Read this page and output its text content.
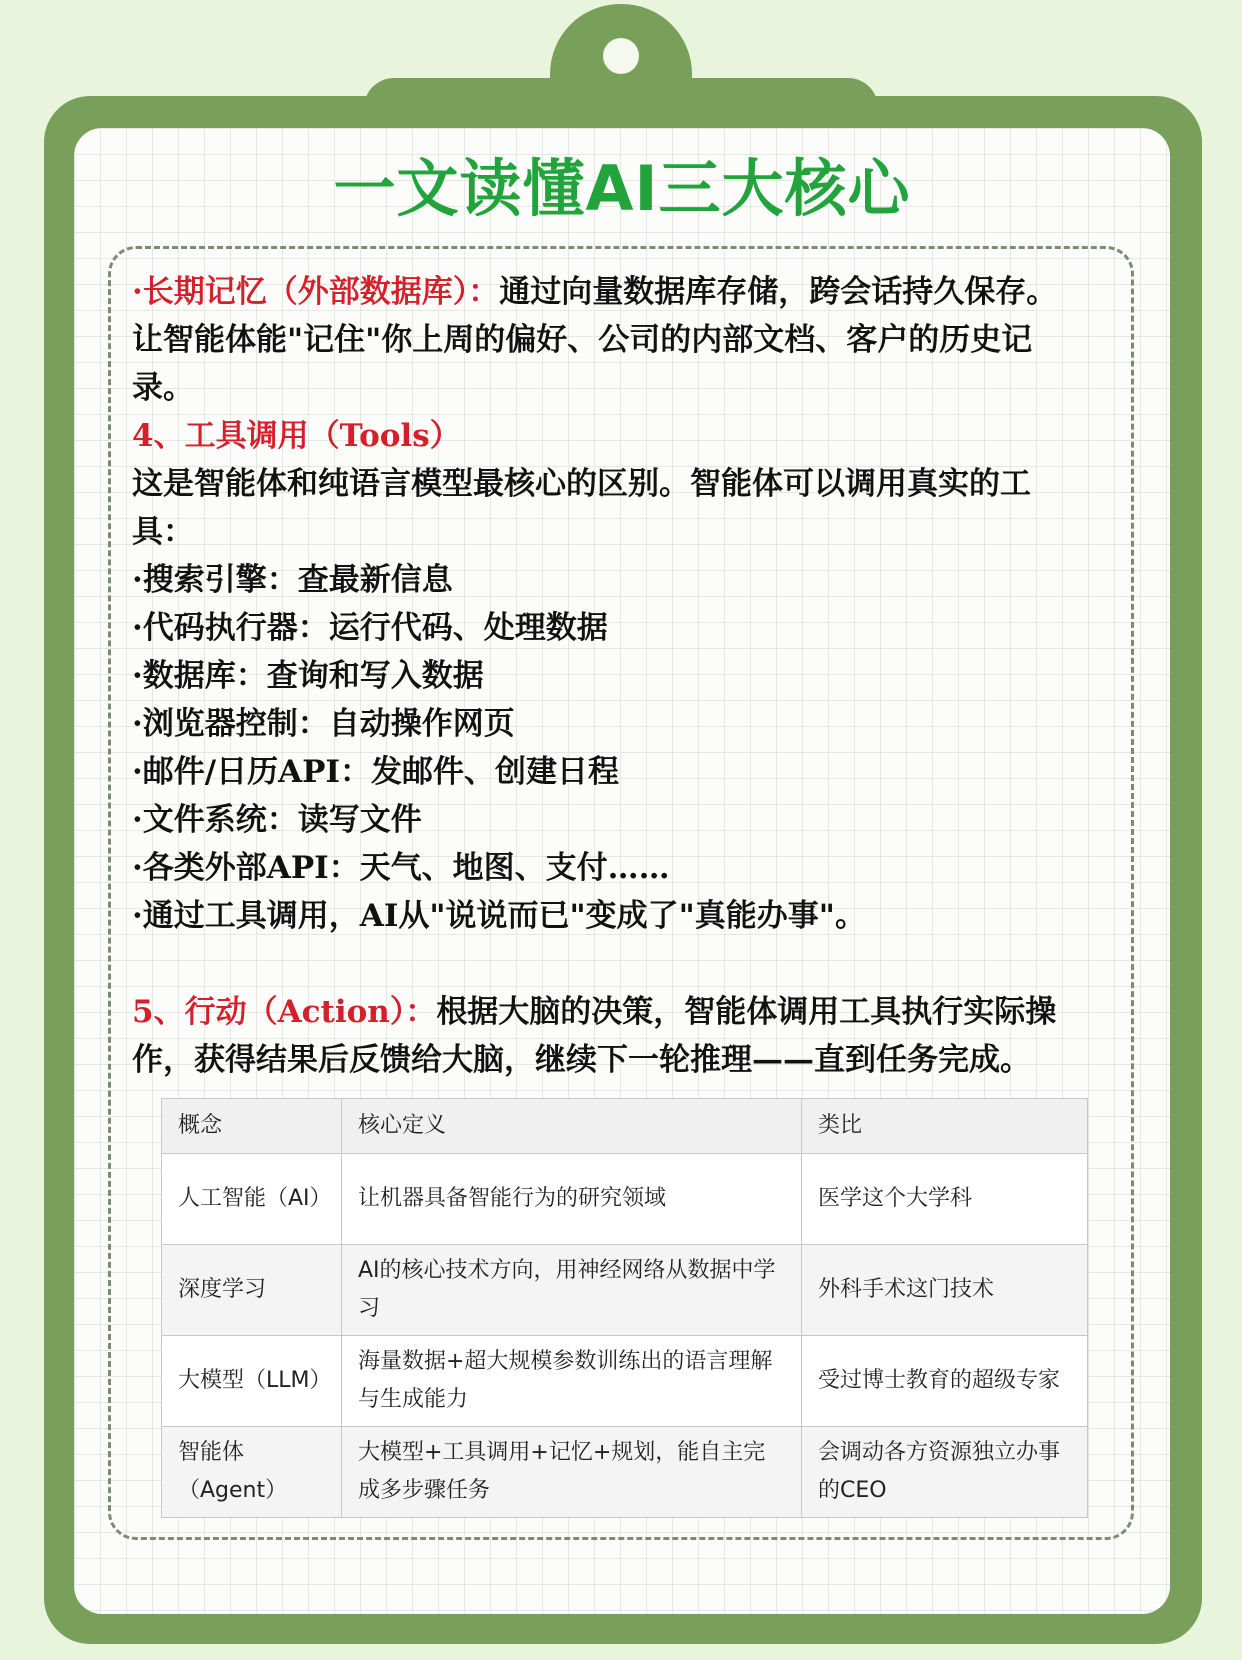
一文读懂AI三大核心

·长期记忆（外部数据库）：通过向量数据库存储，跨会话持久保存。

让智能体能"记住"你上周的偏好、公司的内部文档、客户的历史记

录。

4、工具调用（Tools）

这是智能体和纯语言模型最核心的区别。智能体可以调用真实的工

具：

·搜索引擎：查最新信息

·代码执行器：运行代码、处理数据

·数据库：查询和写入数据

·浏览器控制：自动操作网页

·邮件/日历API：发邮件、创建日程

·文件系统：读写文件

·各类外部API：天气、地图、支付……

·通过工具调用，AI从"说说而已"变成了"真能办事"。

5、行动（Action）：根据大脑的决策，智能体调用工具执行实际操

作，获得结果后反馈给大脑，继续下一轮推理——直到任务完成。

概念	核心定义	类比
人工智能（AI）	让机器具备智能行为的研究领域	医学这个大学科
深度学习	AI的核心技术方向，用神经网络从数据中学习	外科手术这门技术
大模型（LLM）	海量数据+超大规模参数训练出的语言理解与生成能力	受过博士教育的超级专家
智能体（Agent）	大模型+工具调用+记忆+规划，能自主完成多步骤任务	会调动各方资源独立办事的CEO
